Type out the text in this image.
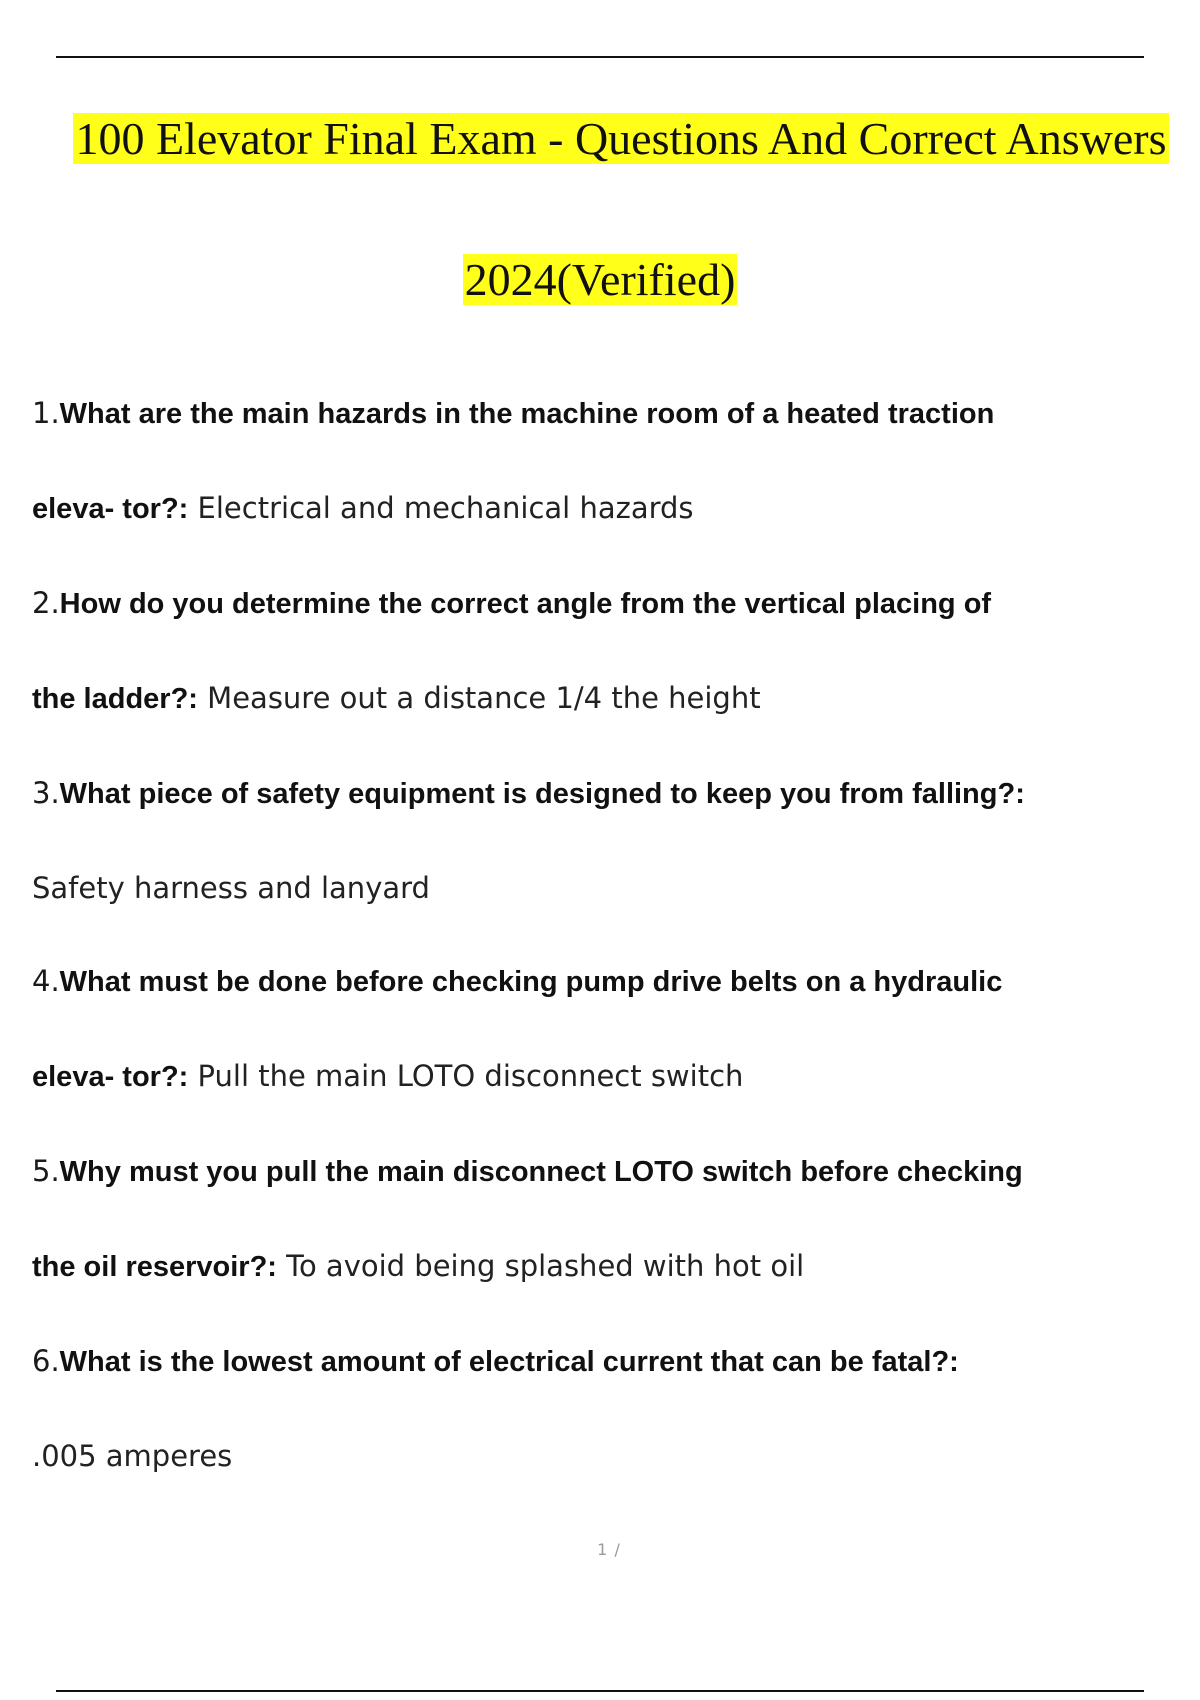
100 Elevator Final Exam - Questions And Correct Answers
2024(Verified)
1.What are the main hazards in the machine room of a heated traction
eleva- tor?: Electrical and mechanical hazards
2.How do you determine the correct angle from the vertical placing of
the ladder?: Measure out a distance 1/4 the height
3.What piece of safety equipment is designed to keep you from falling?:
Safety harness and lanyard
4.What must be done before checking pump drive belts on a hydraulic
eleva- tor?: Pull the main LOTO disconnect switch
5.Why must you pull the main disconnect LOTO switch before checking
the oil reservoir?: To avoid being splashed with hot oil
6.What is the lowest amount of electrical current that can be fatal?:
.005 amperes
1 /
